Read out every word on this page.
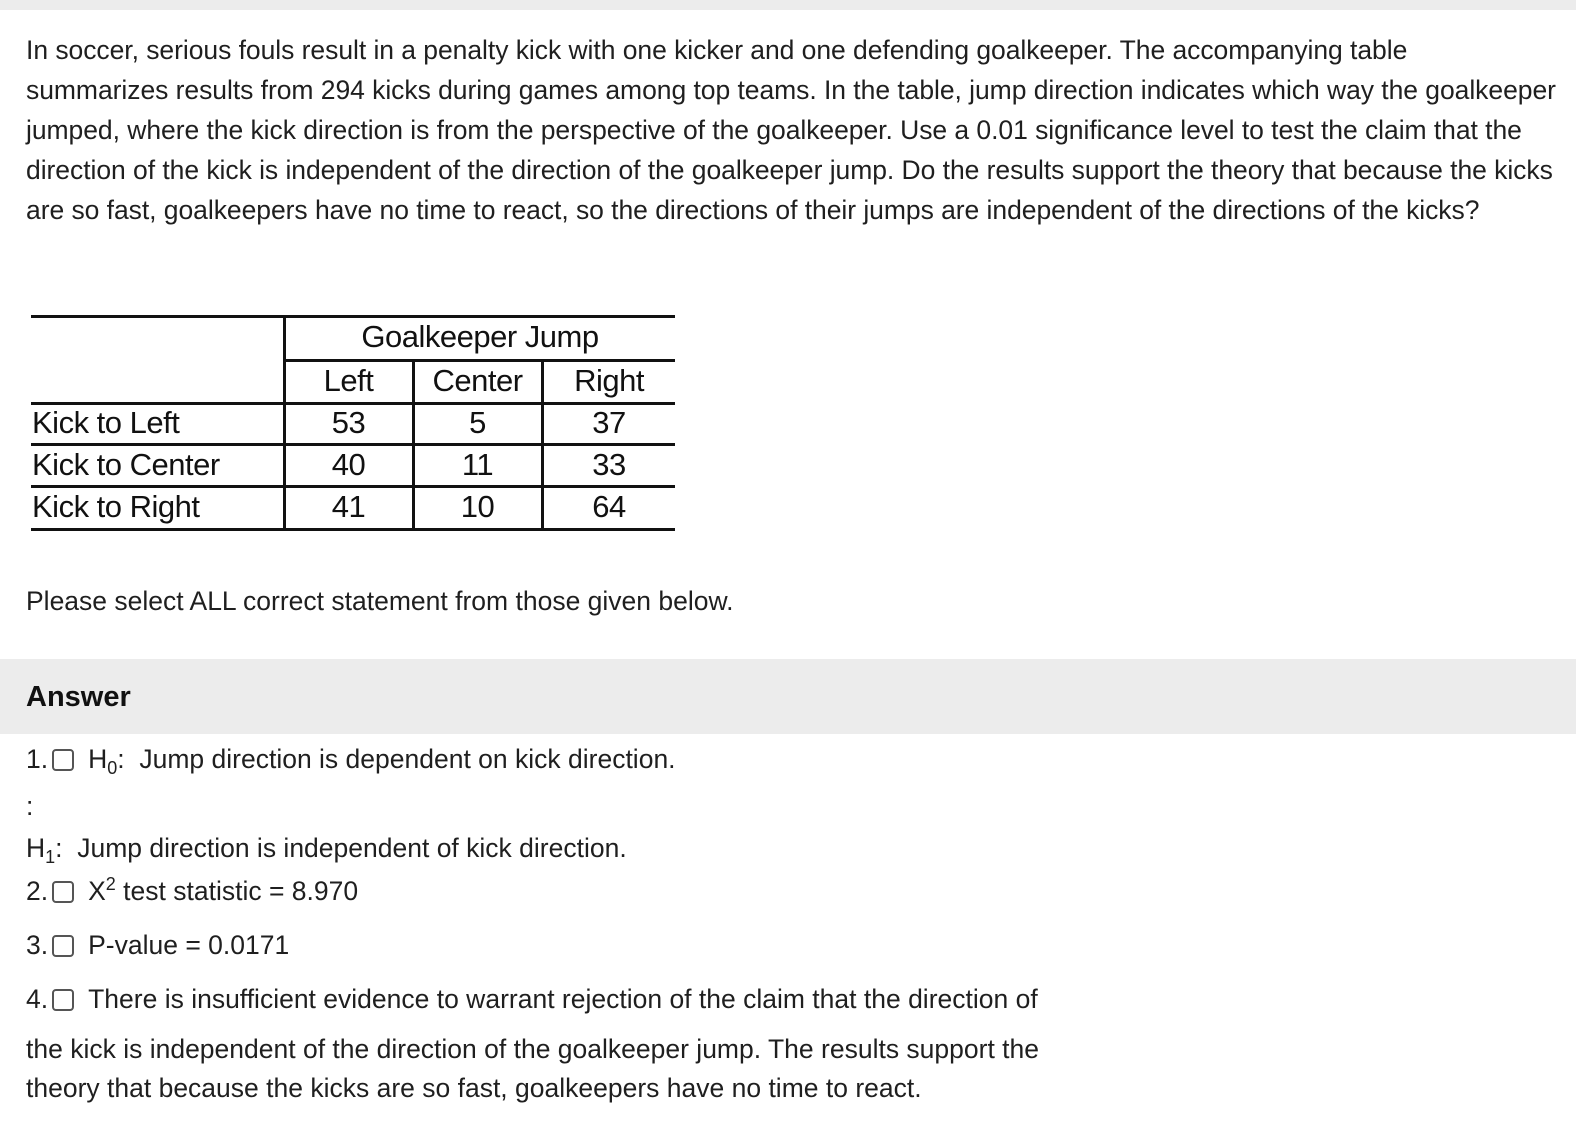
In soccer, serious fouls result in a penalty kick with one kicker and one defending goalkeeper. The accompanying table summarizes results from 294 kicks during games among top teams. In the table, jump direction indicates which way the goalkeeper jumped, where the kick direction is from the perspective of the goalkeeper. Use a 0.01 significance level to test the claim that the direction of the kick is independent of the direction of the goalkeeper jump. Do the results support the theory that because the kicks are so fast, goalkeepers have no time to react, so the directions of their jumps are independent of the directions of the kicks?
Goalkeeper Jump
Left	Center	Right
Kick to Left	53	5	37
Kick to Center	40	11	33
Kick to Right	41	10	64
Please select ALL correct statement from those given below.
Answer
1. $H_0$:  Jump direction is dependent on kick direction.
:
$H_1$:  Jump direction is independent of kick direction.
2. $X^2$ test statistic = 8.970
3. P-value = 0.0171
4. There is insufficient evidence to warrant rejection of the claim that the direction of
the kick is independent of the direction of the goalkeeper jump. The results support the
theory that because the kicks are so fast, goalkeepers have no time to react.
